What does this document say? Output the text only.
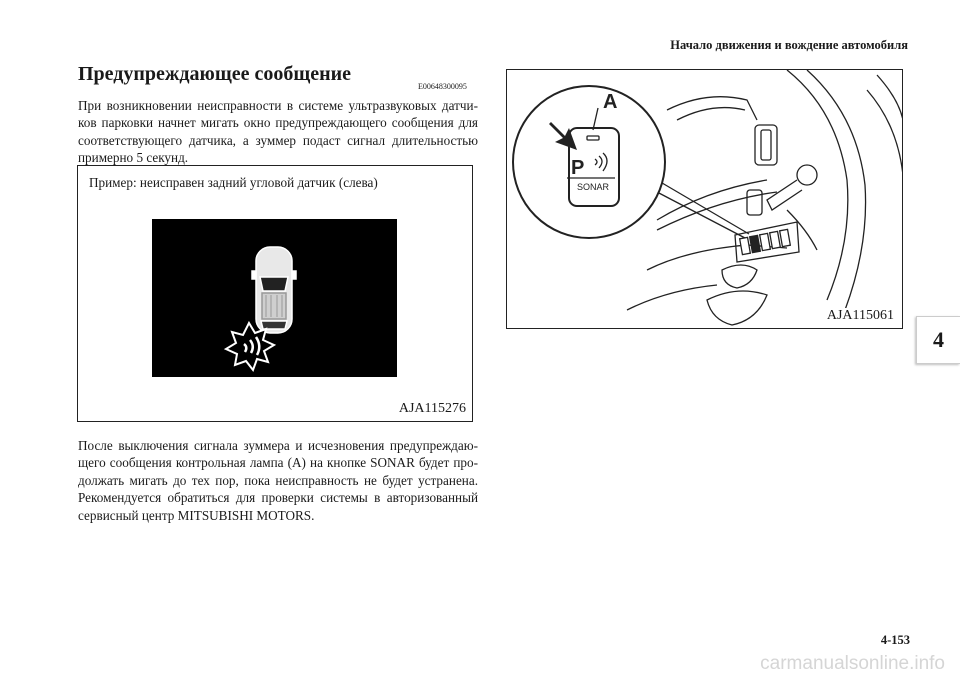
Начало движения и вождение автомобиля
Предупреждающее сообщение
E00648300095
При возникновении неисправности в системе ультразвуковых датчи-ков парковки начнет мигать окно предупреждающего сообщения для соответствующего датчика, а зуммер подаст сигнал длительностью примерно 5 секунд.
Пример: неисправен задний угловой датчик (слева)
AJA115276
После выключения сигнала зуммера и исчезновения предупреждаю-щего сообщения контрольная лампа (A) на кнопке SONAR будет про-должать мигать до тех пор, пока неисправность не будет устранена. Рекомендуется обратиться для проверки системы в авторизованный сервисный центр MITSUBISHI MOTORS.
A
P
SONAR
AJA115061
4
4-153
carmanualsonline.info
